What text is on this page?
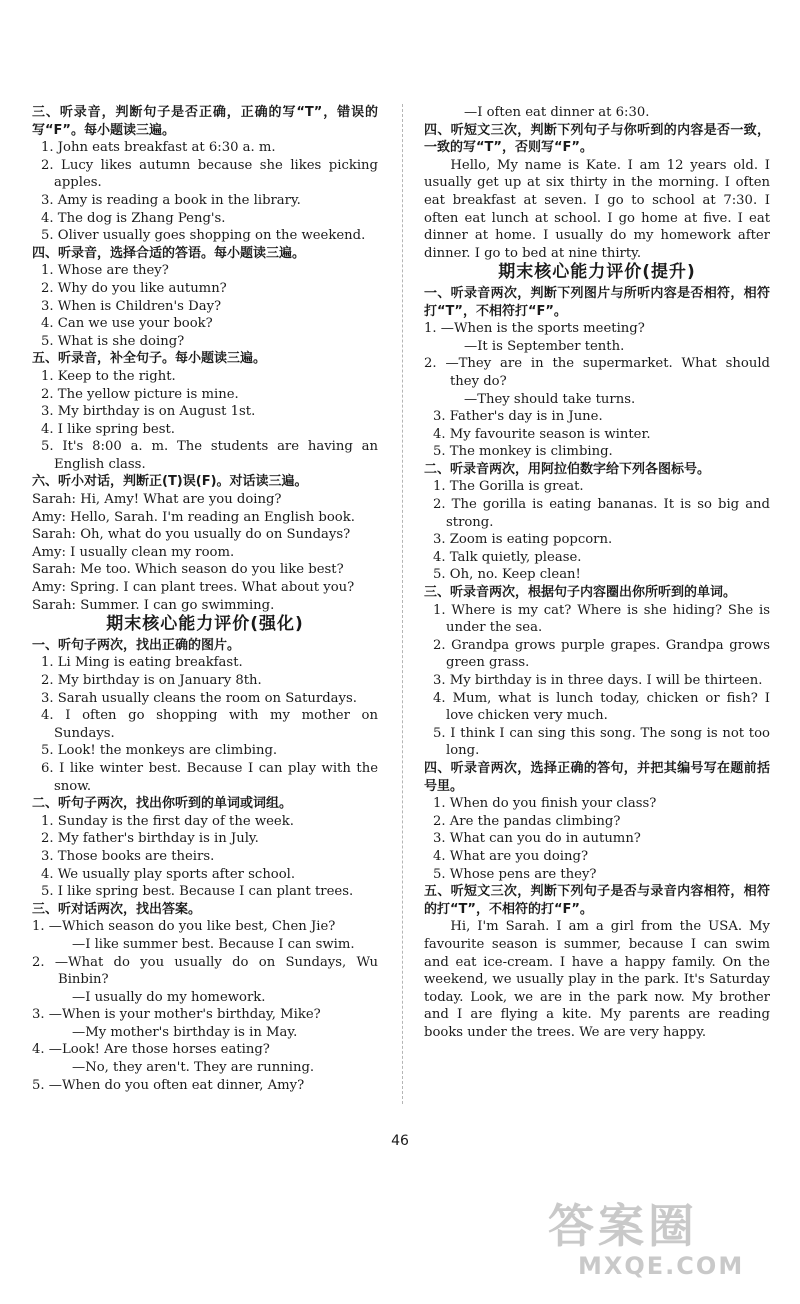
三、听录音，判断句子是否正确，正确的写“T”，错误的写“F”。每小题读三遍。

1. John eats breakfast at 6:30 a. m.

2. Lucy likes autumn because she likes picking apples.

3. Amy is reading a book in the library.

4. The dog is Zhang Peng's.

5. Oliver usually goes shopping on the weekend.

四、听录音，选择合适的答语。每小题读三遍。

1. Whose are they?

2. Why do you like autumn?

3. When is Children's Day?

4. Can we use your book?

5. What is she doing?

五、听录音，补全句子。每小题读三遍。

1. Keep to the right.

2. The yellow picture is mine.

3. My birthday is on August 1st.

4. I like spring best.

5. It's 8:00 a. m. The students are having an English class.

六、听小对话，判断正(T)误(F)。对话读三遍。

Sarah: Hi, Amy! What are you doing?

Amy: Hello, Sarah. I'm reading an English book.

Sarah: Oh, what do you usually do on Sundays?

Amy: I usually clean my room.

Sarah: Me too. Which season do you like best?

Amy: Spring. I can plant trees. What about you?

Sarah: Summer. I can go swimming.

期末核心能力评价(强化)

一、听句子两次，找出正确的图片。

1. Li Ming is eating breakfast.

2. My birthday is on January 8th.

3. Sarah usually cleans the room on Saturdays.

4. I often go shopping with my mother on Sundays.

5. Look! the monkeys are climbing.

6. I like winter best. Because I can play with the snow.

二、听句子两次，找出你听到的单词或词组。

1. Sunday is the first day of the week.

2. My father's birthday is in July.

3. Those books are theirs.

4. We usually play sports after school.

5. I like spring best. Because I can plant trees.

三、听对话两次，找出答案。

1. —Which season do you like best, Chen Jie?

—I like summer best. Because I can swim.

2. —What do you usually do on Sundays, Wu Binbin?

—I usually do my homework.

3. —When is your mother's birthday, Mike?

—My mother's birthday is in May.

4. —Look! Are those horses eating?

—No, they aren't. They are running.

5. —When do you often eat dinner, Amy?

—I often eat dinner at 6:30.

四、听短文三次，判断下列句子与你听到的内容是否一致，一致的写“T”，否则写“F”。

Hello, My name is Kate. I am 12 years old. I usually get up at six thirty in the morning. I often eat breakfast at seven. I go to school at 7:30. I often eat lunch at school. I go home at five. I eat dinner at home. I usually do my homework after dinner. I go to bed at nine thirty.

期末核心能力评价(提升)

一、听录音两次，判断下列图片与所听内容是否相符，相符打“T”，不相符打“F”。

1. —When is the sports meeting?

—It is September tenth.

2. —They are in the supermarket. What should they do?

—They should take turns.

3. Father's day is in June.

4. My favourite season is winter.

5. The monkey is climbing.

二、听录音两次，用阿拉伯数字给下列各图标号。

1. The Gorilla is great.

2. The gorilla is eating bananas. It is so big and strong.

3. Zoom is eating popcorn.

4. Talk quietly, please.

5. Oh, no. Keep clean!

三、听录音两次，根据句子内容圈出你所听到的单词。

1. Where is my cat? Where is she hiding? She is under the sea.

2. Grandpa grows purple grapes. Grandpa grows green grass.

3. My birthday is in three days. I will be thirteen.

4. Mum, what is lunch today, chicken or fish? I love chicken very much.

5. I think I can sing this song. The song is not too long.

四、听录音两次，选择正确的答句，并把其编号写在题前括号里。

1. When do you finish your class?

2. Are the pandas climbing?

3. What can you do in autumn?

4. What are you doing?

5. Whose pens are they?

五、听短文三次，判断下列句子是否与录音内容相符，相符的打“T”，不相符的打“F”。

Hi, I'm Sarah. I am a girl from the USA. My favourite season is summer, because I can swim and eat ice-cream. I have a happy family. On the weekend, we usually play in the park. It's Saturday today. Look, we are in the park now. My brother and I are flying a kite. My parents are reading books under the trees. We are very happy.

46
答案圈
MXQE.COM
